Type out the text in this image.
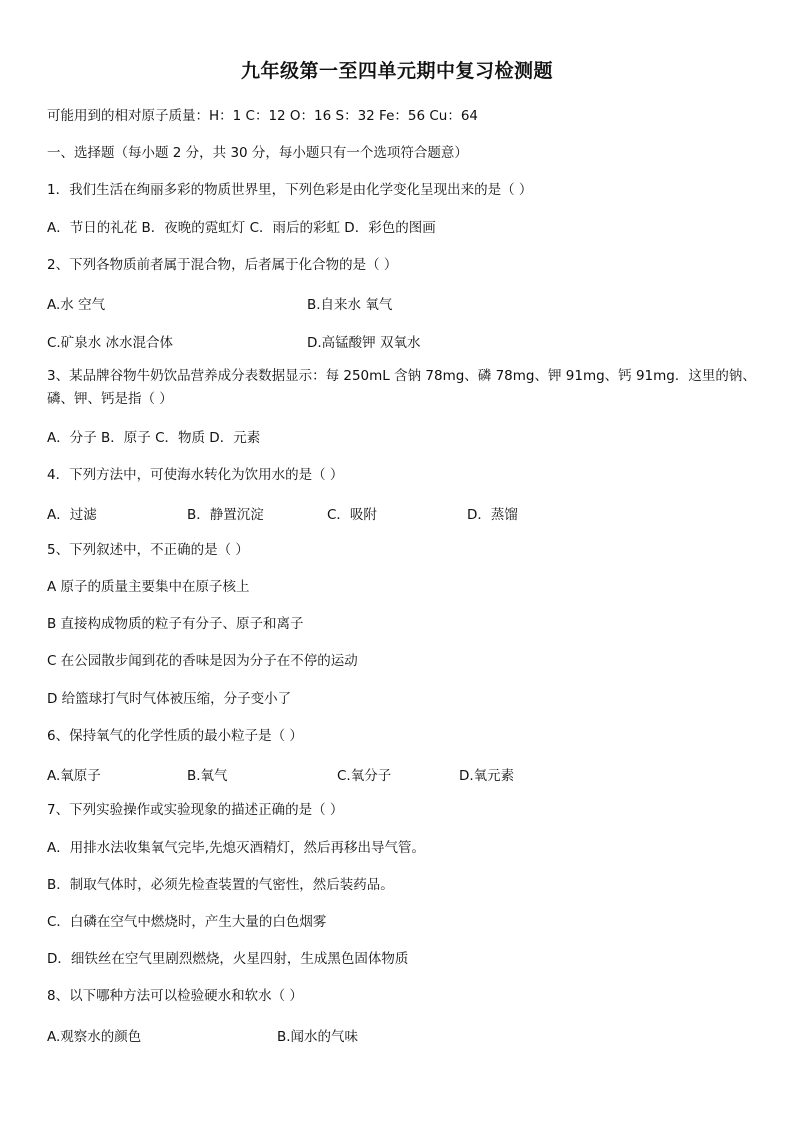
九年级第一至四单元期中复习检测题
可能用到的相对原子质量：H：1 C：12 O：16 S：32 Fe：56 Cu：64
一、选择题（每小题 2 分，共 30 分，每小题只有一个选项符合题意）
1．我们生活在绚丽多彩的物质世界里，下列色彩是由化学变化呈现出来的是（ ）
A．节日的礼花 B．夜晚的霓虹灯 C．雨后的彩虹 D．彩色的图画
2、下列各物质前者属于混合物，后者属于化合物的是（ ）
A.水 空气	B.自来水 氧气
C.矿泉水 冰水混合体	D.高锰酸钾 双氧水
3、某品牌谷物牛奶饮品营养成分表数据显示：每 250mL 含钠 78mg、磷 78mg、钾 91mg、钙 91mg．这里的钠、磷、钾、钙是指（ ）
A．分子 B．原子 C．物质 D．元素
4．下列方法中，可使海水转化为饮用水的是（ ）
A．过滤	B．静置沉淀	C．吸附	D．蒸馏
5、下列叙述中，不正确的是（ ）
A 原子的质量主要集中在原子核上
B 直接构成物质的粒子有分子、原子和离子
C 在公园散步闻到花的香味是因为分子在不停的运动
D 给篮球打气时气体被压缩，分子变小了
6、保持氧气的化学性质的最小粒子是（ ）
A.氧原子	B.氧气	C.氧分子	D.氧元素
7、下列实验操作或实验现象的描述正确的是（ ）
A．用排水法收集氧气完毕,先熄灭酒精灯，然后再移出导气管。
B．制取气体时，必须先检查装置的气密性，然后装药品。
C．白磷在空气中燃烧时，产生大量的白色烟雾
D．细铁丝在空气里剧烈燃烧，火星四射，生成黑色固体物质
8、以下哪种方法可以检验硬水和软水（ ）
A.观察水的颜色	B.闻水的气味
